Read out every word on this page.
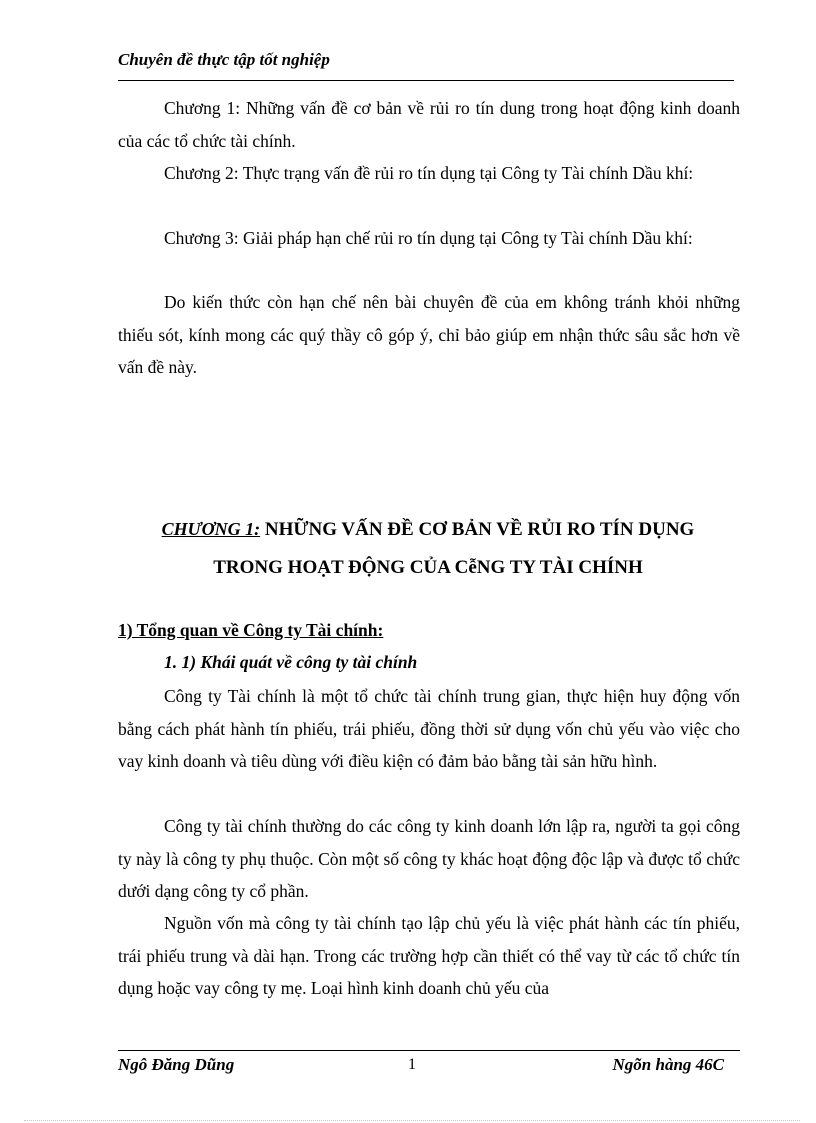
Chuyên đề thực tập tốt nghiệp

Chương 1: Những vấn đề cơ bản về rủi ro tín dung trong hoạt động kinh doanh của các tổ chức tài chính.

Chương 2: Thực trạng vấn đề rủi ro tín dụng tại Công ty Tài chính Dầu khí:

Chương 3: Giải pháp hạn chế rủi ro tín dụng tại Công ty Tài chính Dầu khí:

Do kiến thức còn hạn chế nên bài chuyên đề của em không tránh khỏi những thiếu sót, kính mong các quý thầy cô góp ý, chỉ bảo giúp em nhận thức sâu sắc hơn về vấn đề này.

CHƯƠNG 1: NHỮNG VẤN ĐỀ CƠ BẢN VỀ RỦI RO TÍN DỤNG
TRONG HOẠT ĐỘNG CỦA CễNG TY TÀI CHÍNH
1) Tổng quan về Công ty Tài chính:
1. 1) Khái quát về công ty tài chính

Công ty Tài chính là một tổ chức tài chính trung gian, thực hiện huy động vốn bằng cách phát hành tín phiếu, trái phiếu, đồng thời sử dụng vốn chủ yếu vào việc cho vay kinh doanh và tiêu dùng với điều kiện có đảm bảo bằng tài sản hữu hình.

Công ty tài chính thường do các công ty kinh doanh lớn lập ra, người ta gọi công ty này là công ty phụ thuộc. Còn một số công ty khác hoạt động độc lập và được tổ chức dưới dạng công ty cổ phần.

Nguồn vốn mà công ty tài chính tạo lập chủ yếu là việc phát hành các tín phiếu, trái phiếu trung và dài hạn. Trong các trường hợp cần thiết có thể vay từ các tổ chức tín dụng hoặc vay công ty mẹ. Loại hình kinh doanh chủ yếu của

Ngô Đăng Dũng	1	Ngõn hàng 46C
